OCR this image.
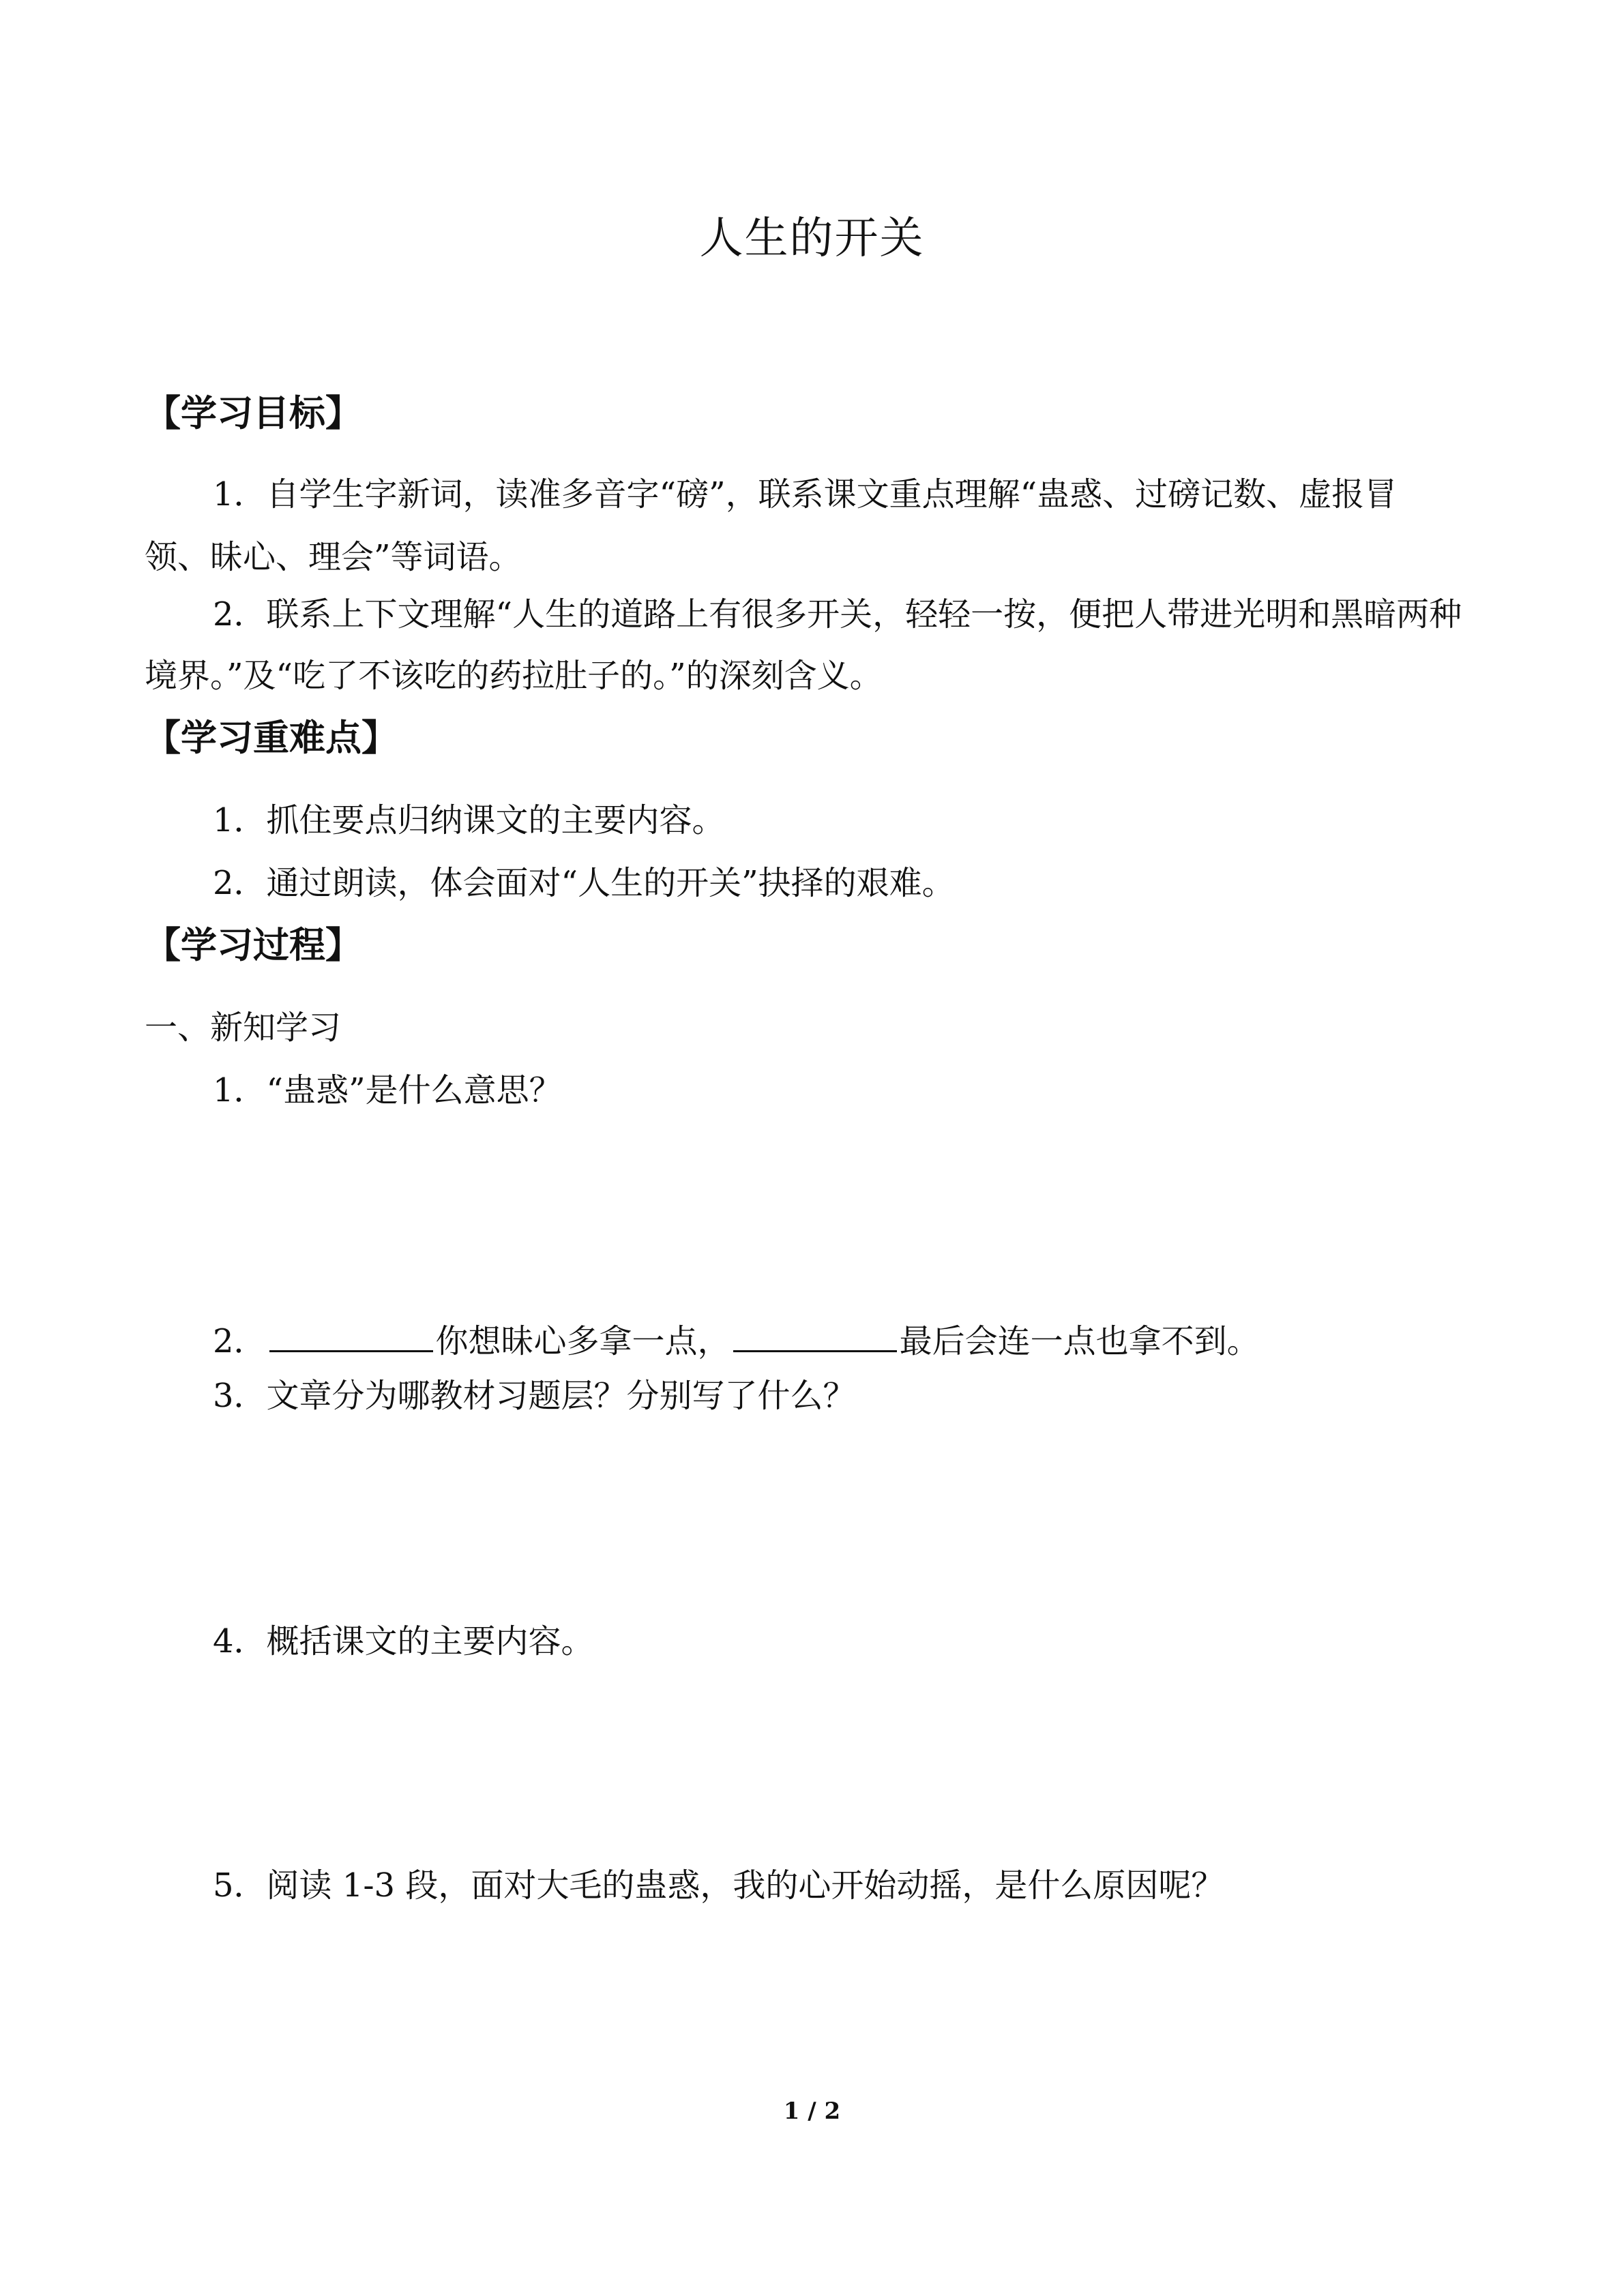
人生的开关
【学习目标】
1．自学生字新词，读准多音字“磅”，联系课文重点理解“蛊惑、过磅记数、虚报冒
领、昧心、理会”等词语。
2．联系上下文理解“人生的道路上有很多开关，轻轻一按，便把人带进光明和黑暗两种
境界。”及“吃了不该吃的药拉肚子的。”的深刻含义。
【学习重难点】
1．抓住要点归纳课文的主要内容。
2．通过朗读，体会面对“人生的开关”抉择的艰难。
【学习过程】
一、新知学习
1．“蛊惑”是什么意思？
2．	你想昧心多拿一点，	最后会连一点也拿不到。
3．文章分为哪教材习题层？分别写了什么？
4．概括课文的主要内容。
5．阅读 1-3 段，面对大毛的蛊惑，我的心开始动摇，是什么原因呢？
1 / 2
